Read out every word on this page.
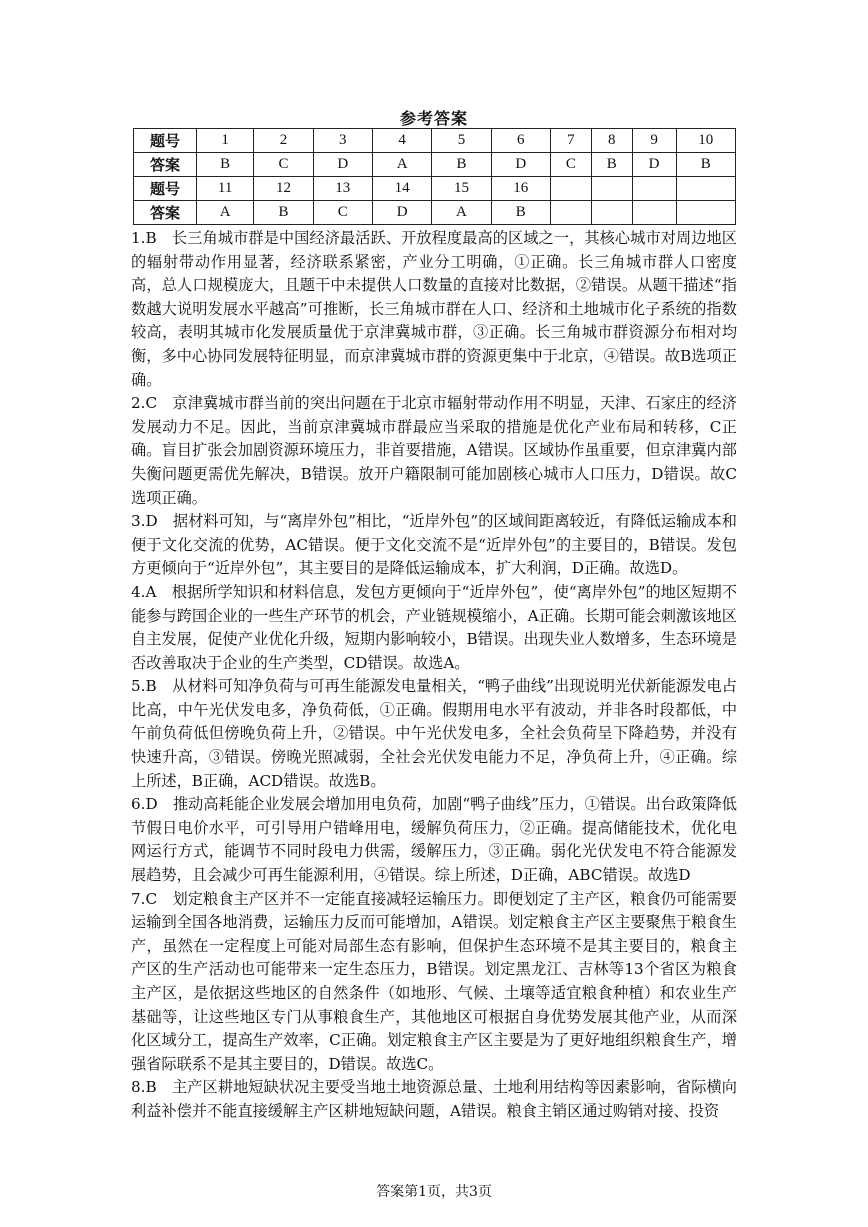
参考答案
题号	1	2	3	4	5	6	7	8	9	10
答案	B	C	D	A	B	D	C	B	D	B
题号	11	12	13	14	15	16				
答案	A	B	C	D	A	B				

1.B　长三角城市群是中国经济最活跃、开放程度最高的区域之一，其核心城市对周边地区的辐射带动作用显著，经济联系紧密，产业分工明确，①正确。长三角城市群人口密度高，总人口规模庞大，且题干中未提供人口数量的直接对比数据，②错误。从题干描述“指数越大说明发展水平越高”可推断，长三角城市群在人口、经济和土地城市化子系统的指数较高，表明其城市化发展质量优于京津冀城市群，③正确。长三角城市群资源分布相对均衡，多中心协同发展特征明显，而京津冀城市群的资源更集中于北京，④错误。故B选项正确。

2.C　京津冀城市群当前的突出问题在于北京市辐射带动作用不明显，天津、石家庄的经济发展动力不足。因此，当前京津冀城市群最应当采取的措施是优化产业布局和转移，C正确。盲目扩张会加剧资源环境压力，非首要措施，A错误。区域协作虽重要，但京津冀内部失衡问题更需优先解决，B错误。放开户籍限制可能加剧核心城市人口压力，D错误。故C选项正确。

3.D　据材料可知，与“离岸外包”相比，“近岸外包”的区域间距离较近，有降低运输成本和便于文化交流的优势，AC错误。便于文化交流不是“近岸外包”的主要目的，B错误。发包方更倾向于“近岸外包”，其主要目的是降低运输成本，扩大利润，D正确。故选D。

4.A　根据所学知识和材料信息，发包方更倾向于“近岸外包”，使“离岸外包”的地区短期不能参与跨国企业的一些生产环节的机会，产业链规模缩小，A正确。长期可能会刺激该地区自主发展，促使产业优化升级，短期内影响较小，B错误。出现失业人数增多，生态环境是否改善取决于企业的生产类型，CD错误。故选A。

5.B　从材料可知净负荷与可再生能源发电量相关，“鸭子曲线”出现说明光伏新能源发电占比高，中午光伏发电多，净负荷低，①正确。假期用电水平有波动，并非各时段都低，中午前负荷低但傍晚负荷上升，②错误。中午光伏发电多，全社会负荷呈下降趋势，并没有快速升高，③错误。傍晚光照减弱，全社会光伏发电能力不足，净负荷上升，④正确。综上所述，B正确，ACD错误。故选B。

6.D　推动高耗能企业发展会增加用电负荷，加剧“鸭子曲线”压力，①错误。出台政策降低节假日电价水平，可引导用户错峰用电，缓解负荷压力，②正确。提高储能技术，优化电网运行方式，能调节不同时段电力供需，缓解压力，③正确。弱化光伏发电不符合能源发展趋势，且会减少可再生能源利用，④错误。综上所述，D正确，ABC错误。故选D

7.C　划定粮食主产区并不一定能直接减轻运输压力。即便划定了主产区，粮食仍可能需要运输到全国各地消费，运输压力反而可能增加，A错误。划定粮食主产区主要聚焦于粮食生产，虽然在一定程度上可能对局部生态有影响，但保护生态环境不是其主要目的，粮食主产区的生产活动也可能带来一定生态压力，B错误。划定黑龙江、吉林等13个省区为粮食主产区，是依据这些地区的自然条件（如地形、气候、土壤等适宜粮食种植）和农业生产基础等，让这些地区专门从事粮食生产，其他地区可根据自身优势发展其他产业，从而深化区域分工，提高生产效率，C正确。划定粮食主产区主要是为了更好地组织粮食生产，增强省际联系不是其主要目的，D错误。故选C。

8.B　主产区耕地短缺状况主要受当地土地资源总量、土地利用结构等因素影响，省际横向利益补偿并不能直接缓解主产区耕地短缺问题，A错误。粮食主销区通过购销对接、投资

答案第1页，共3页
